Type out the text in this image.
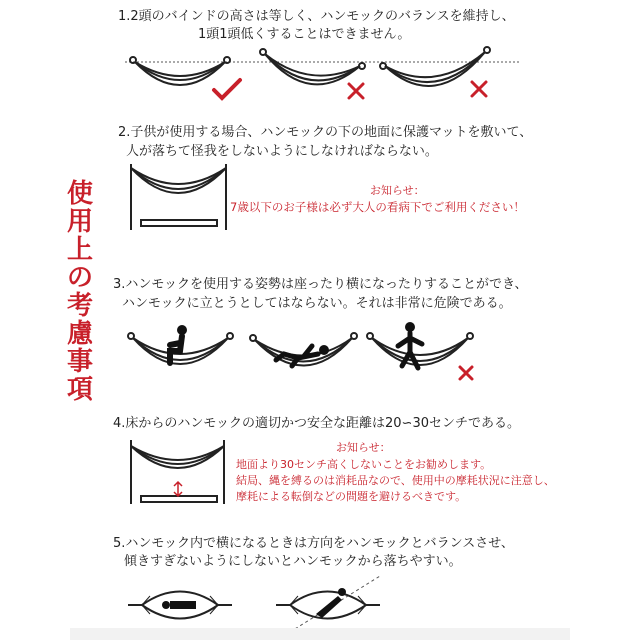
使
用
上
の
考
慮
事
項
1.2頭のバインドの高さは等しく、ハンモックのバランスを維持し、
1頭1頭低くすることはできません。
2.子供が使用する場合、ハンモックの下の地面に保護マットを敷いて、
人が落ちて怪我をしないようにしなければならない。
お知らせ：
7歳以下のお子様は必ず大人の看病下でご利用ください！
3.ハンモックを使用する姿勢は座ったり横になったりすることができ、
ハンモックに立とうとしてはならない。それは非常に危険である。
4.床からのハンモックの適切かつ安全な距離は20∽30センチである。
お知らせ：
地面より30センチ高くしないことをお勧めします。
結局、縄を縛るのは消耗品なので、使用中の摩耗状況に注意し、
摩耗による転倒などの問題を避けるべきです。
5.ハンモック内で横になるときは方向をハンモックとバランスさせ、
傾きすぎないようにしないとハンモックから落ちやすい。
